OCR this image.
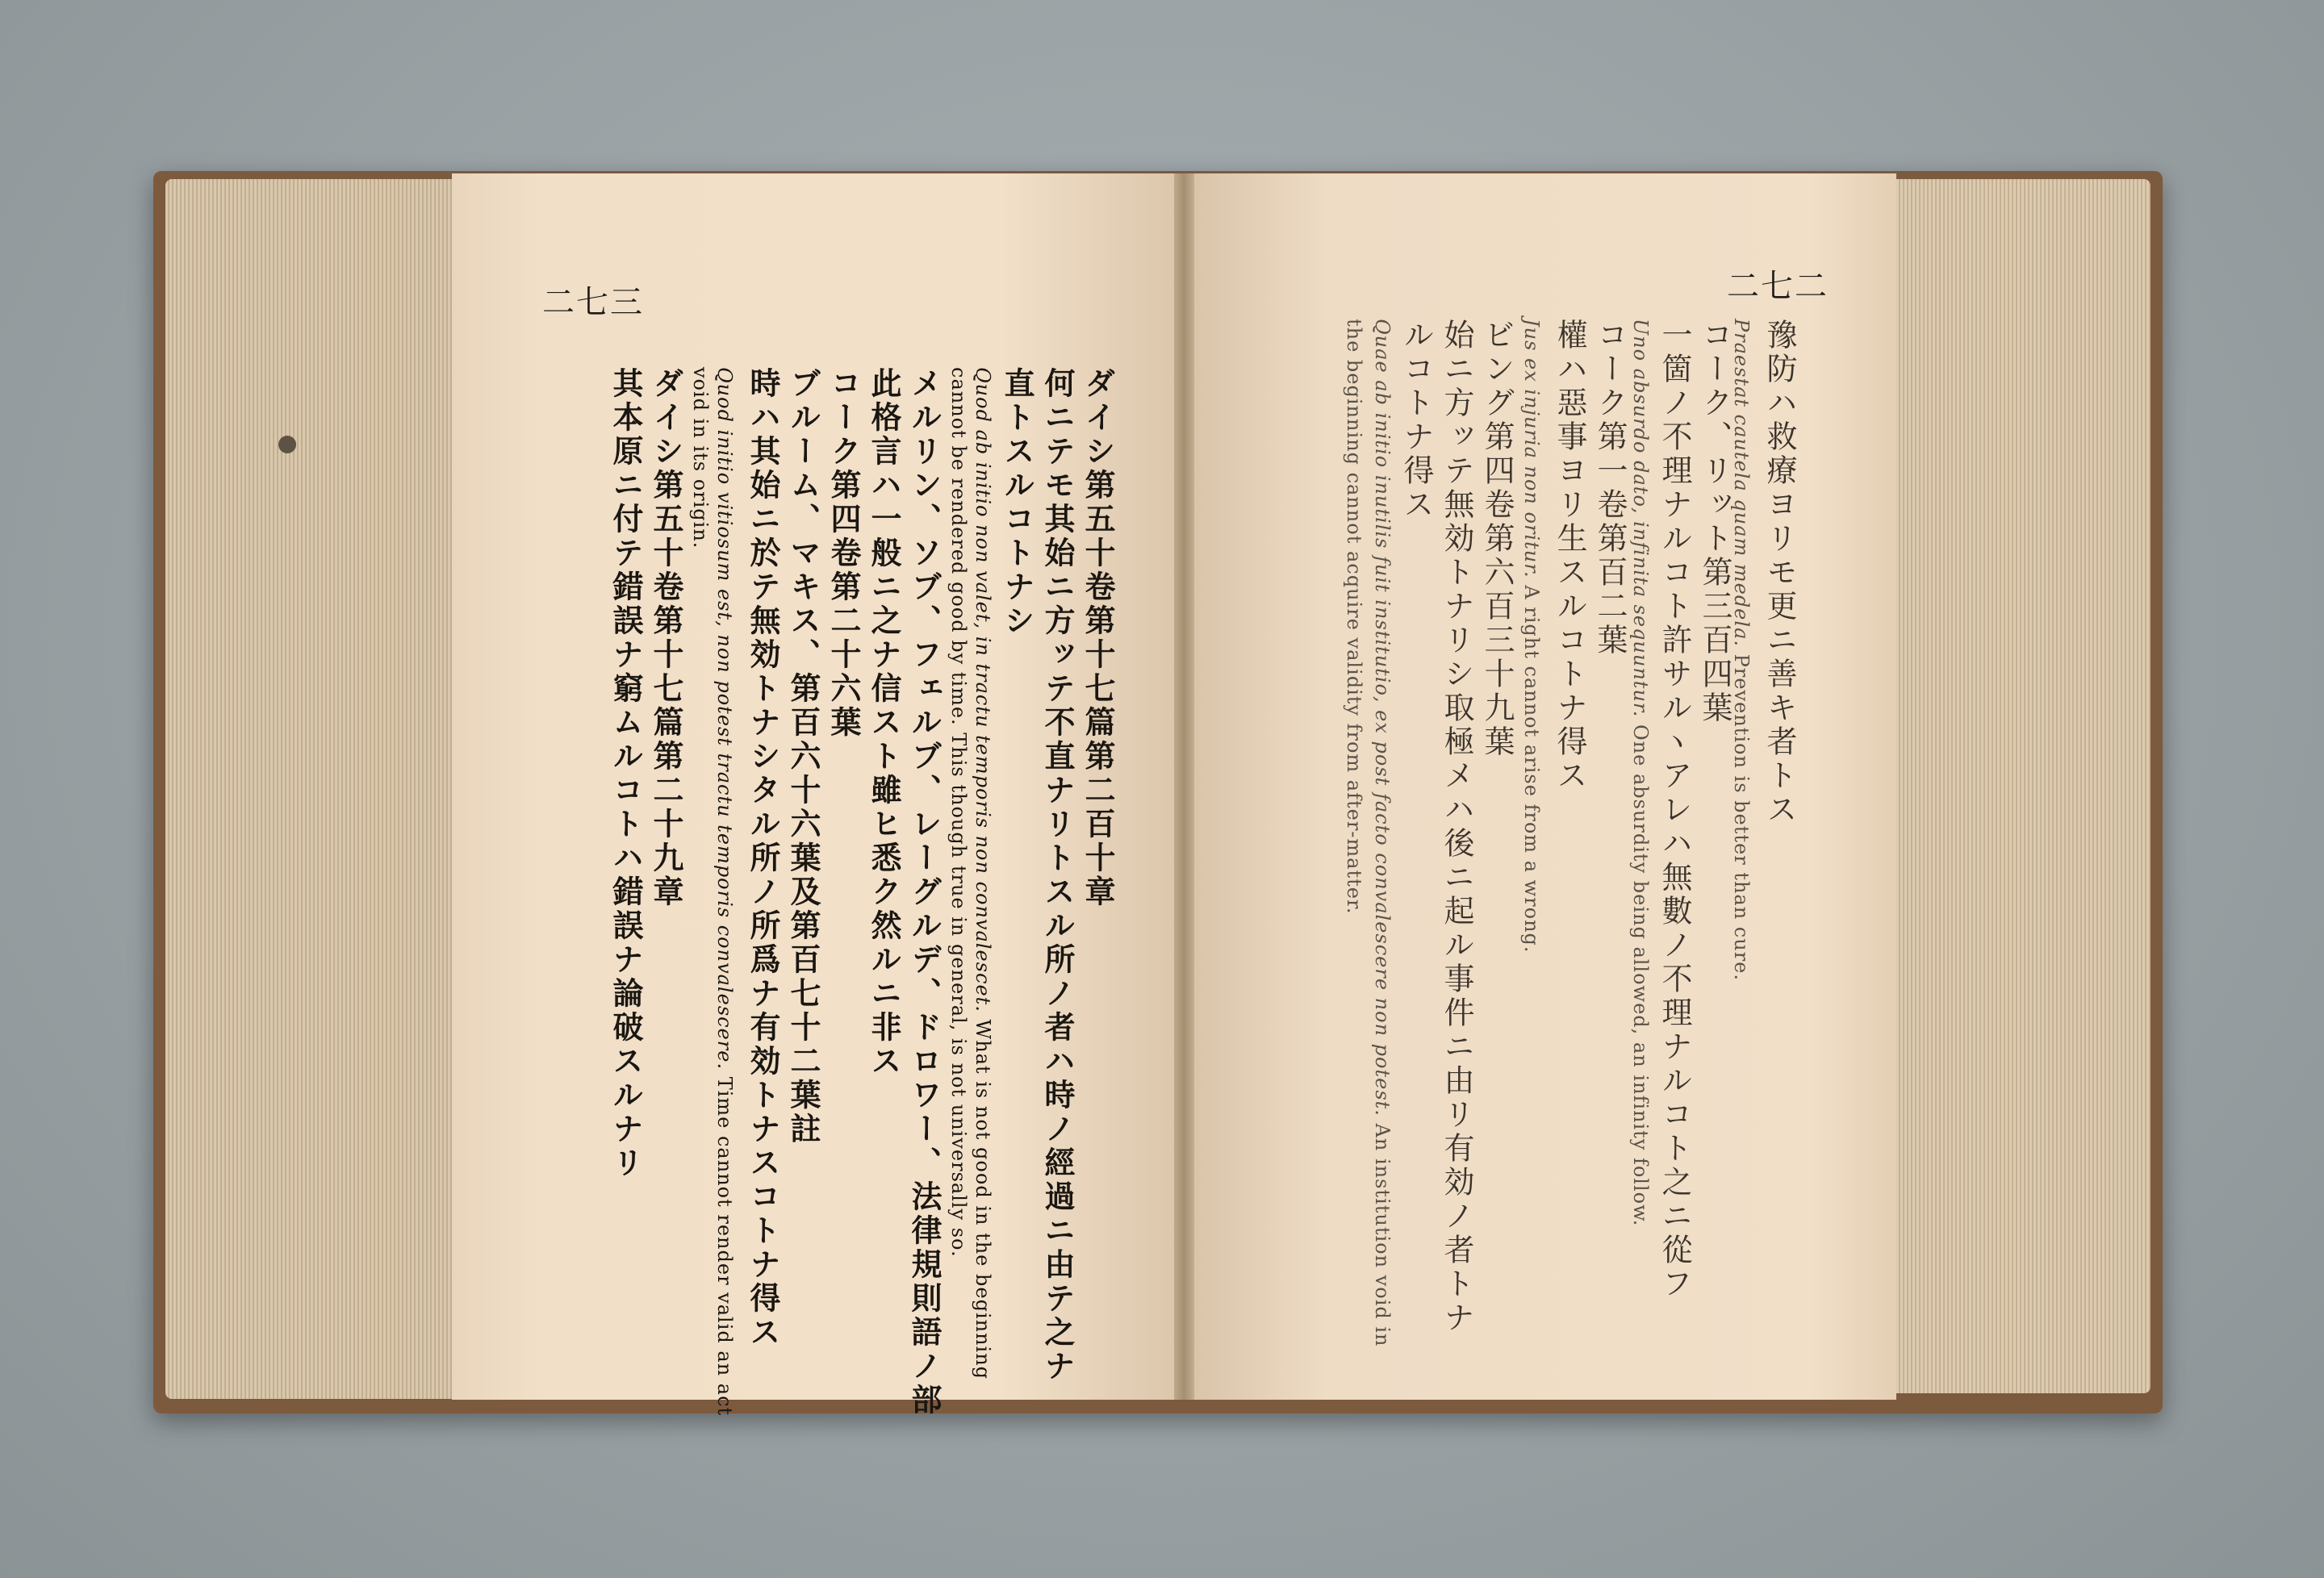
二七三	二七二
ダイシ第五十卷第十七篇第二百十章
何ニテモ其始ニ方ッテ不直ナリトスル所ノ者ハ時ノ經過ニ由テ之ナ
直トスルコトナシ
Quod ab initio non valet, in tractu temporis non convalescet. What is not good in the beginning
cannot be rendered good by time. This though true in general, is not universally so.
メルリン、ソブ、フェルブ、レーグルデ、ドロワー、法律規則語ノ部
此格言ハ一般ニ之ナ信スト雖ヒ悉ク然ルニ非ス
コーク第四卷第二十六葉
ブルーム、マキス、第百六十六葉及第百七十二葉註
時ハ其始ニ於テ無効トナシタル所ノ所爲ナ有効トナスコトナ得ス
Quod initio vitiosum est, non potest tractu temporis convalescere. Time cannot render valid an act
void in its origin.
ダイシ第五十卷第十七篇第二十九章
其本原ニ付テ錯誤ナ窮ムルコトハ錯誤ナ論破スルナリ	豫防ハ救療ヨリモ更ニ善キ者トス
Praestat cautela quam medela. Prevention is better than cure.
コーク、リット第三百四葉
一箇ノ不理ナルコト許サルヽアレハ無數ノ不理ナルコト之ニ從フ
Uno absurdo dato, infinita sequuntur. One absurdity being allowed, an infinity follow.
コーク第一卷第百二葉
權ハ惡事ヨリ生スルコトナ得ス
Jus ex injuria non oritur. A right cannot arise from a wrong.
ビング第四卷第六百三十九葉
始ニ方ッテ無効トナリシ取極メハ後ニ起ル事件ニ由リ有効ノ者トナ
ルコトナ得ス
Quae ab initio inutilis fuit institutio, ex post facto convalescere non potest. An institution void in
the beginning cannot acquire validity from after-matter.
